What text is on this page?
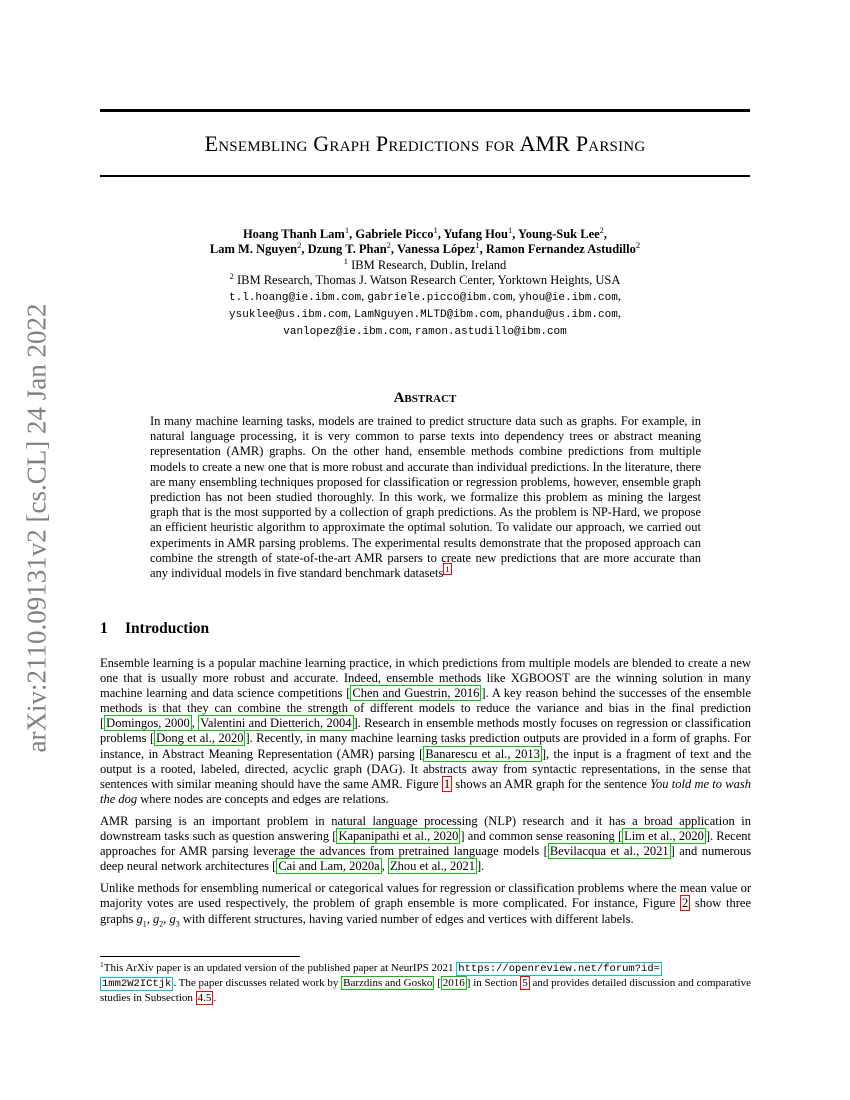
Ensembling Graph Predictions for AMR Parsing
arXiv:2110.09131v2 [cs.CL] 24 Jan 2022
Hoang Thanh Lam$^1$, Gabriele Picco$^1$, Yufang Hou$^1$, Young-Suk Lee$^2$,
Lam M. Nguyen$^2$, Dzung T. Phan$^2$, Vanessa López$^1$, Ramon Fernandez Astudillo$^2$
$^1$ IBM Research, Dublin, Ireland
$^2$ IBM Research, Thomas J. Watson Research Center, Yorktown Heights, USA
t.l.hoang@ie.ibm.com, gabriele.picco@ibm.com, yhou@ie.ibm.com,
ysuklee@us.ibm.com, LamNguyen.MLTD@ibm.com, phandu@us.ibm.com,
vanlopez@ie.ibm.com, ramon.astudillo@ibm.com
Abstract
In many machine learning tasks, models are trained to predict structure data such as graphs. For example, in natural language processing, it is very common to parse texts into dependency trees or abstract meaning representation (AMR) graphs. On the other hand, ensemble methods combine predictions from multiple models to create a new one that is more robust and accurate than individual predictions. In the literature, there are many ensembling techniques proposed for classification or regression problems, however, ensemble graph prediction has not been studied thoroughly. In this work, we formalize this problem as mining the largest graph that is the most supported by a collection of graph predictions. As the problem is NP-Hard, we propose an efficient heuristic algorithm to approximate the optimal solution. To validate our approach, we carried out experiments in AMR parsing problems. The experimental results demonstrate that the proposed approach can combine the strength of state-of-the-art AMR parsers to create new predictions that are more accurate than any individual models in five standard benchmark datasets $^1$
1 Introduction

Ensemble learning is a popular machine learning practice, in which predictions from multiple models are blended to create a new one that is usually more robust and accurate. Indeed, ensemble methods like XGBOOST are the winning solution in many machine learning and data science competitions [ Chen and Guestrin, 2016 ]. A key reason behind the successes of the ensemble methods is that they can combine the strength of different models to reduce the variance and bias in the final prediction [ Domingos, 2000 , Valentini and Dietterich, 2004 ]. Research in ensemble methods mostly focuses on regression or classification problems [ Dong et al., 2020 ]. Recently, in many machine learning tasks prediction outputs are provided in a form of graphs. For instance, in Abstract Meaning Representation (AMR) parsing [ Banarescu et al., 2013 ], the input is a fragment of text and the output is a rooted, labeled, directed, acyclic graph (DAG). It abstracts away from syntactic representations, in the sense that sentences with similar meaning should have the same AMR. Figure 1 shows an AMR graph for the sentence You told me to wash the dog where nodes are concepts and edges are relations.

AMR parsing is an important problem in natural language processing (NLP) research and it has a broad application in downstream tasks such as question answering [ Kapanipathi et al., 2020 ] and common sense reasoning [ Lim et al., 2020 ]. Recent approaches for AMR parsing leverage the advances from pretrained language models [ Bevilacqua et al., 2021 ] and numerous deep neural network architectures [ Cai and Lam, 2020a , Zhou et al., 2021 ].

Unlike methods for ensembling numerical or categorical values for regression or classification problems where the mean value or majority votes are used respectively, the problem of graph ensemble is more complicated. For instance, Figure 2 show three graphs $g_1$, $g_2$, $g_3$ with different structures, having varied number of edges and vertices with different labels.

$^1$This ArXiv paper is an updated version of the published paper at NeurIPS 2021 https://openreview.net/forum?id=
1mm2W2ICtjk . The paper discusses related work by Barzdins and Gosko [ 2016 ] in Section 5 and provides detailed discussion and comparative studies in Subsection 4.5 .
